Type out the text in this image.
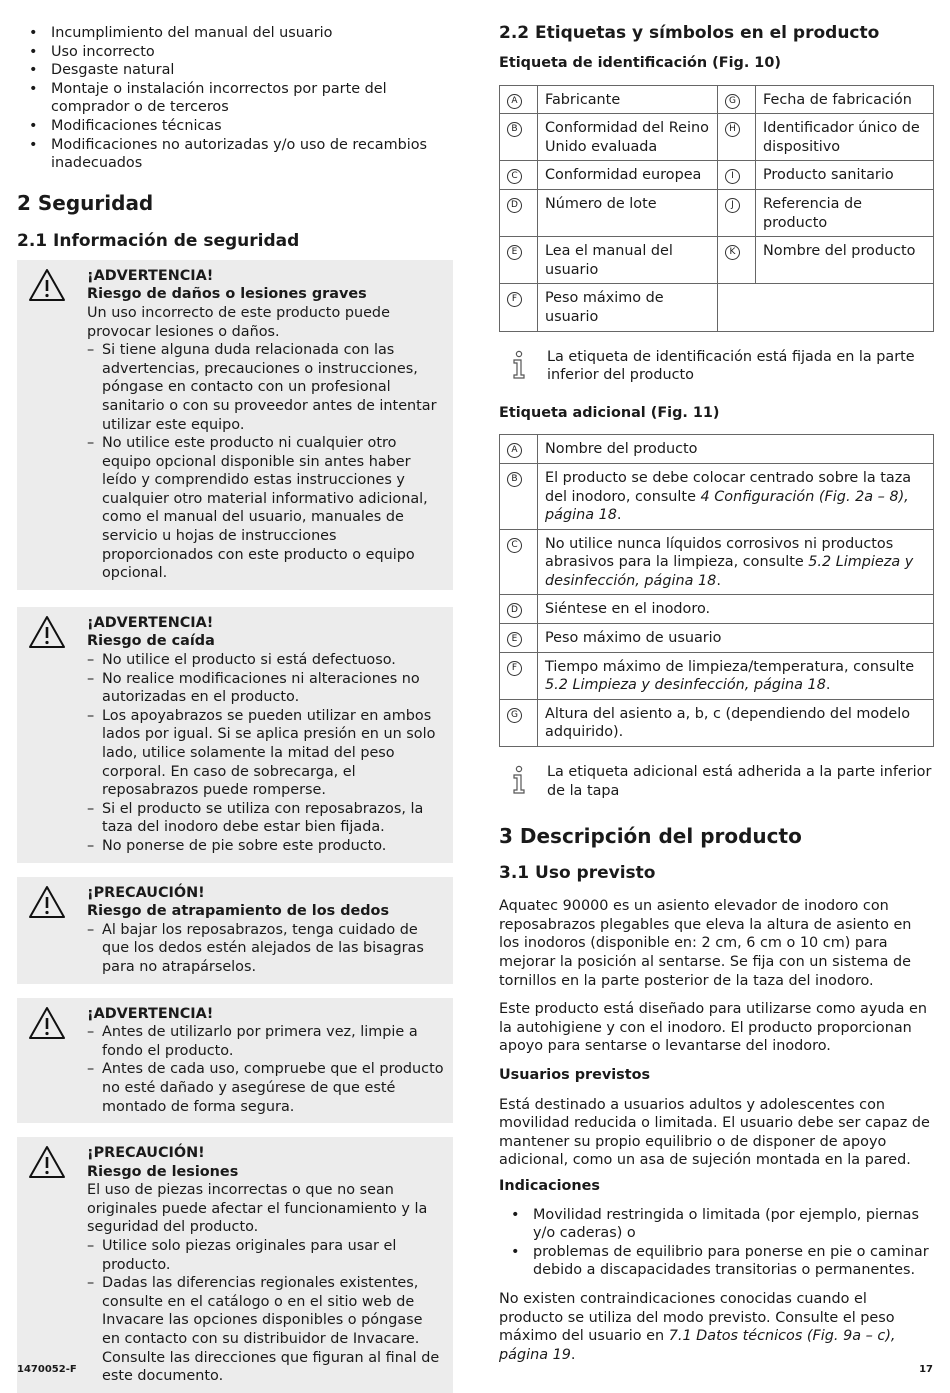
• Incumplimiento del manual del usuario
• Uso incorrecto
• Desgaste natural
• Montaje o instalación incorrectos por parte del comprador o de terceros
• Modificaciones técnicas
• Modificaciones no autorizadas y/o uso de recambios inadecuados
2 Seguridad
2.1 Información de seguridad
¡ADVERTENCIA!
Riesgo de daños o lesiones graves

Un uso incorrecto de este producto puede provocar lesiones o daños.

– Si tiene alguna duda relacionada con las advertencias, precauciones o instrucciones, póngase en contacto con un profesional sanitario o con su proveedor antes de intentar utilizar este equipo.
– No utilice este producto ni cualquier otro equipo opcional disponible sin antes haber leído y comprendido estas instrucciones y cualquier otro material informativo adicional, como el manual del usuario, manuales de servicio u hojas de instrucciones proporcionados con este producto o equipo opcional.
¡ADVERTENCIA!
Riesgo de caída
– No utilice el producto si está defectuoso.
– No realice modificaciones ni alteraciones no autorizadas en el producto.
– Los apoyabrazos se pueden utilizar en ambos lados por igual. Si se aplica presión en un solo lado, utilice solamente la mitad del peso corporal. En caso de sobrecarga, el reposabrazos puede romperse.
– Si el producto se utiliza con reposabrazos, la taza del inodoro debe estar bien fijada.
– No ponerse de pie sobre este producto.
¡PRECAUCIÓN!
Riesgo de atrapamiento de los dedos
– Al bajar los reposabrazos, tenga cuidado de que los dedos estén alejados de las bisagras para no atrapárselos.
¡ADVERTENCIA!
– Antes de utilizarlo por primera vez, limpie a fondo el producto.
– Antes de cada uso, compruebe que el producto no esté dañado y asegúrese de que esté montado de forma segura.
¡PRECAUCIÓN!
Riesgo de lesiones

El uso de piezas incorrectas o que no sean originales puede afectar el funcionamiento y la seguridad del producto.

– Utilice solo piezas originales para usar el producto.
– Dadas las diferencias regionales existentes, consulte en el catálogo o en el sitio web de Invacare las opciones disponibles o póngase en contacto con su distribuidor de Invacare. Consulte las direcciones que figuran al final de este documento.
2.2 Etiquetas y símbolos en el producto
Etiqueta de identificación (Fig. 10)
A	Fabricante	G	Fecha de fabricación
B	Conformidad del Reino Unido evaluada	H	Identificador único de dispositivo
C	Conformidad europea	I	Producto sanitario
D	Número de lote	J	Referencia de producto
E	Lea el manual del usuario	K	Nombre del producto
F	Peso máximo de usuario		
La etiqueta de identificación está fijada en la parte inferior del producto
Etiqueta adicional (Fig. 11)
A	Nombre del producto
B	El producto se debe colocar centrado sobre la taza del inodoro, consulte 4 Configuración (Fig. 2a – 8), página 18.
C	No utilice nunca líquidos corrosivos ni productos abrasivos para la limpieza, consulte 5.2 Limpieza y desinfección, página 18.
D	Siéntese en el inodoro.
E	Peso máximo de usuario
F	Tiempo máximo de limpieza/temperatura, consulte 5.2 Limpieza y desinfección, página 18.
G	Altura del asiento a, b, c (dependiendo del modelo adquirido).
La etiqueta adicional está adherida a la parte inferior de la tapa
3 Descripción del producto
3.1 Uso previsto

Aquatec 90000 es un asiento elevador de inodoro con reposabrazos plegables que eleva la altura de asiento en los inodoros (disponible en: 2 cm, 6 cm o 10 cm) para mejorar la posición al sentarse. Se fija con un sistema de tornillos en la parte posterior de la taza del inodoro.

Este producto está diseñado para utilizarse como ayuda en la autohigiene y con el inodoro. El producto proporcionan apoyo para sentarse o levantarse del inodoro.

Usuarios previstos

Está destinado a usuarios adultos y adolescentes con movilidad reducida o limitada. El usuario debe ser capaz de mantener su propio equilibrio o de disponer de apoyo adicional, como un asa de sujeción montada en la pared.

Indicaciones
• Movilidad restringida o limitada (por ejemplo, piernas y/o caderas) o
• problemas de equilibrio para ponerse en pie o caminar debido a discapacidades transitorias o permanentes.

No existen contraindicaciones conocidas cuando el producto se utiliza del modo previsto. Consulte el peso máximo del usuario en 7.1 Datos técnicos (Fig. 9a – c), página 19.

1470052-F	17
